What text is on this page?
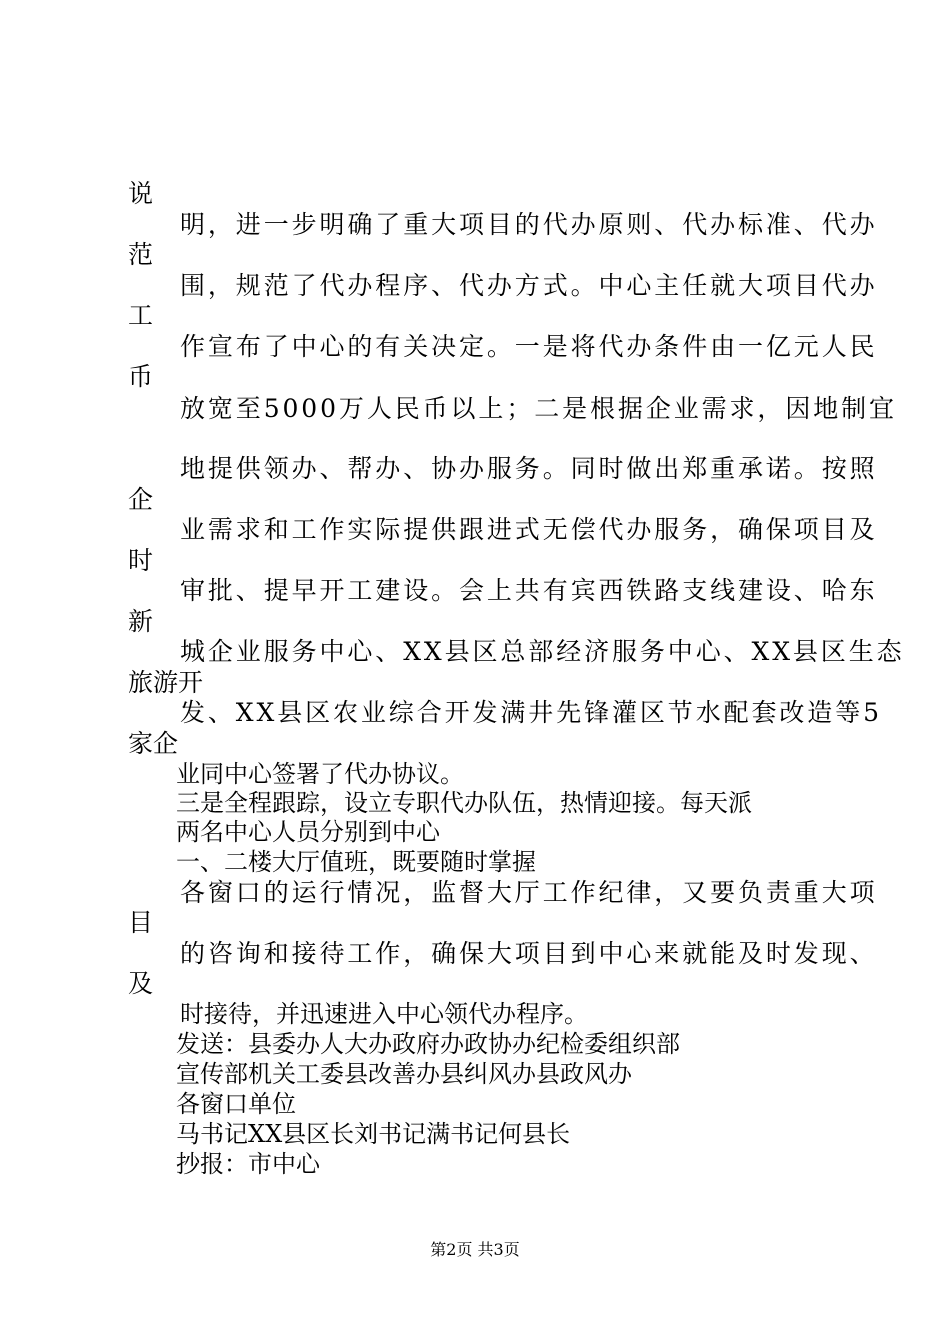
说

明，进一步明确了重大项目的代办原则、代办标准、代办

范

围，规范了代办程序、代办方式。中心主任就大项目代办

工

作宣布了中心的有关决定。一是将代办条件由一亿元人民

币

放宽至5000万人民币以上；二是根据企业需求，因地制宜

地提供领办、帮办、协办服务。同时做出郑重承诺。按照

企

业需求和工作实际提供跟进式无偿代办服务，确保项目及

时

审批、提早开工建设。会上共有宾西铁路支线建设、哈东

新

城企业服务中心、XX县区总部经济服务中心、XX县区生态

旅游开

发、XX县区农业综合开发满井先锋灌区节水配套改造等5

家企

业同中心签署了代办协议。

三是全程跟踪，设立专职代办队伍，热情迎接。每天派

两名中心人员分别到中心

一、二楼大厅值班，既要随时掌握

各窗口的运行情况，监督大厅工作纪律，又要负责重大项

目

的咨询和接待工作，确保大项目到中心来就能及时发现、

及

时接待，并迅速进入中心领代办程序。

发送：县委办人大办政府办政协办纪检委组织部

宣传部机关工委县改善办县纠风办县政风办

各窗口单位

马书记XX县区长刘书记满书记何县长

抄报：市中心

第2页 共3页
